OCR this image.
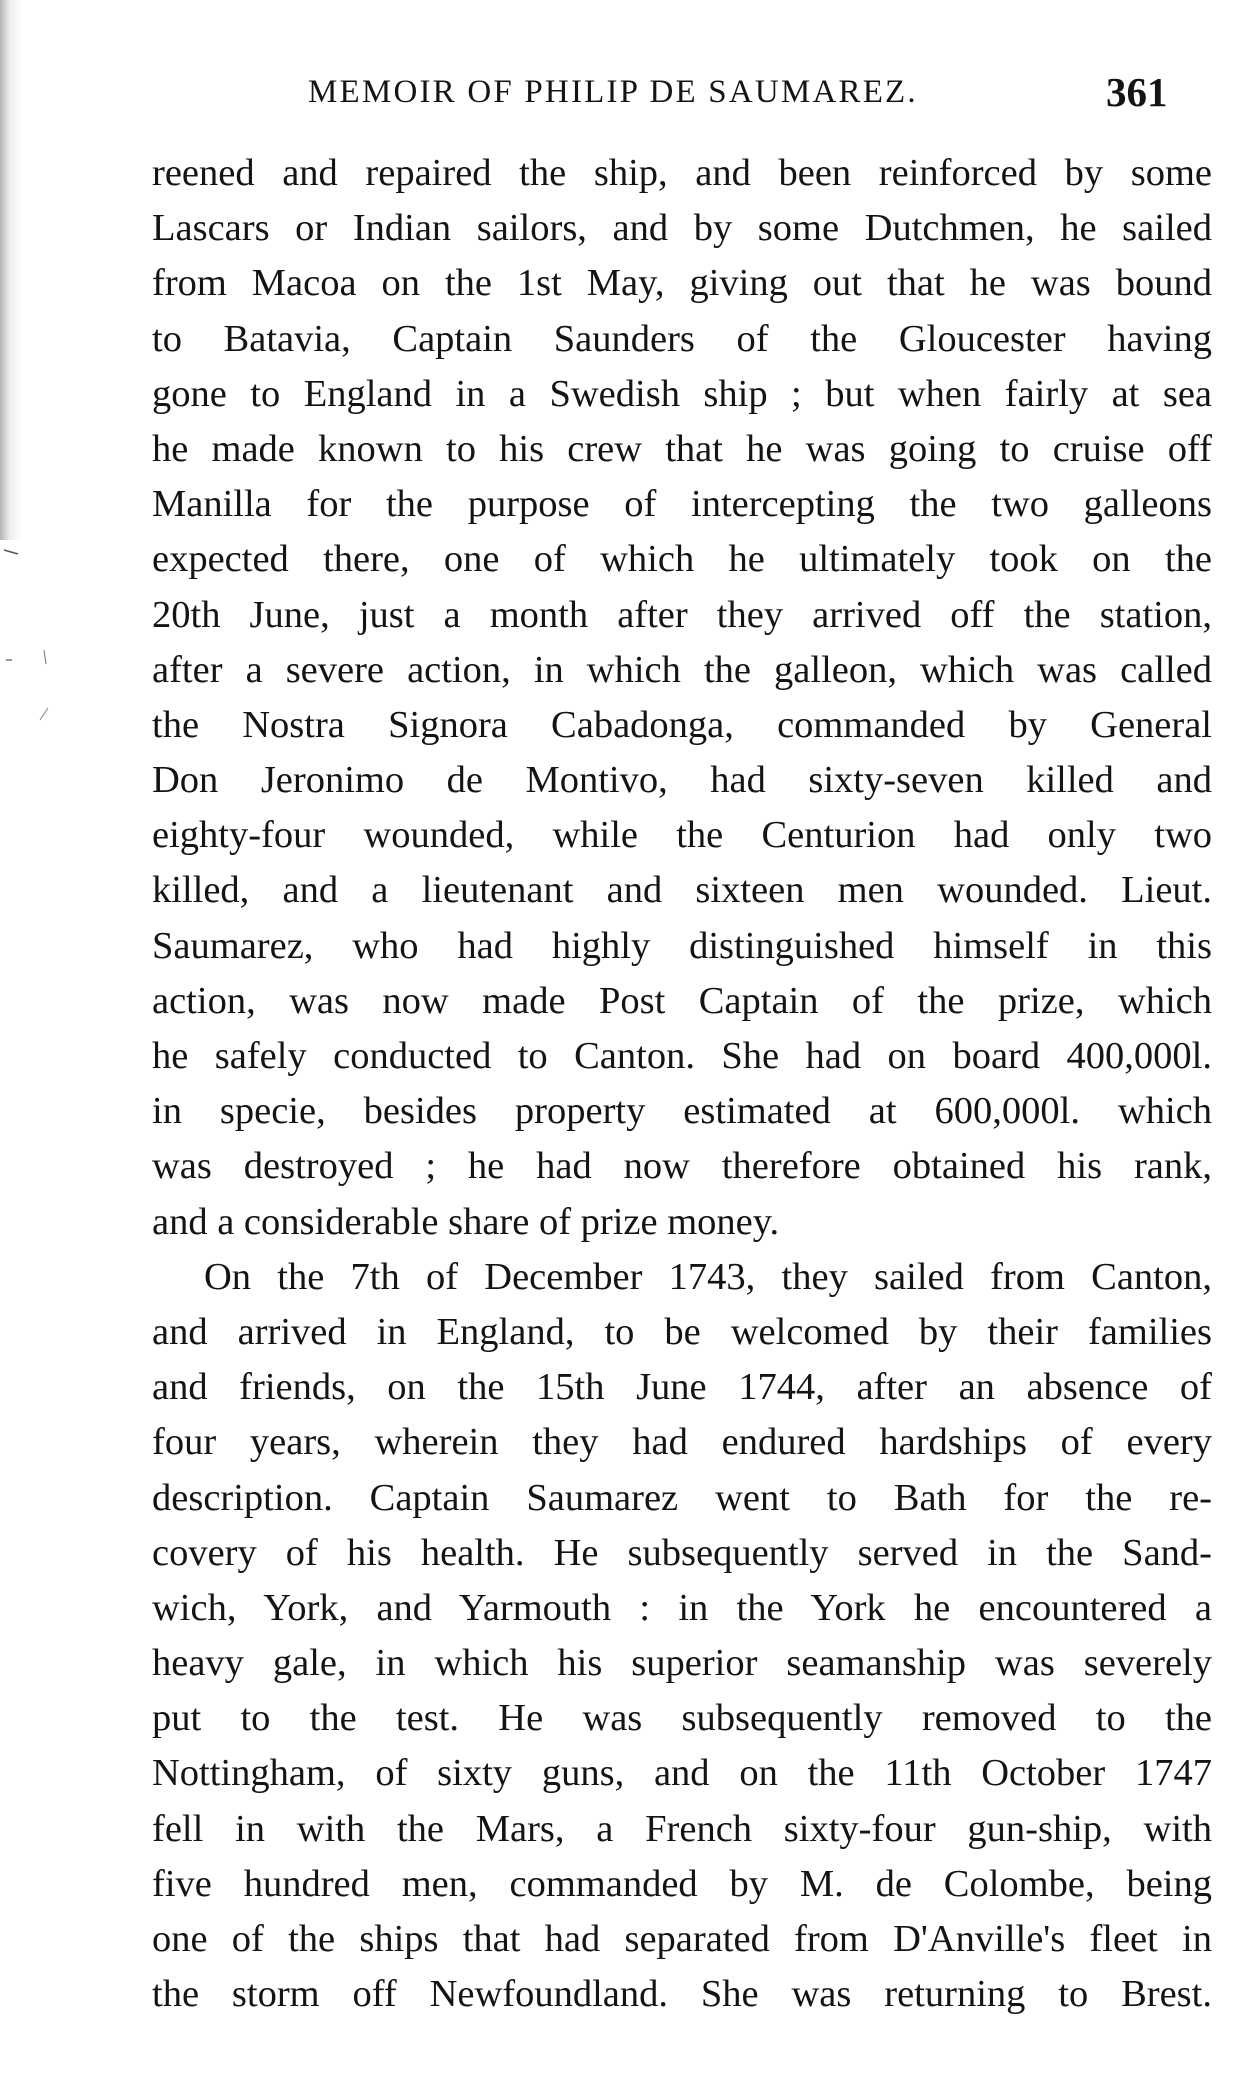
MEMOIR OF PHILIP DE SAUMAREZ.	361
reened and repaired the ship, and been reinforced by some
Lascars or Indian sailors, and by some Dutchmen, he sailed
from Macoa on the 1st May, giving out that he was bound
to Batavia, Captain Saunders of the Gloucester having
gone to England in a Swedish ship ; but when fairly at sea
he made known to his crew that he was going to cruise off
Manilla for the purpose of intercepting the two galleons
expected there, one of which he ultimately took on the
20th June, just a month after they arrived off the station,
after a severe action, in which the galleon, which was called
the Nostra Signora Cabadonga, commanded by General
Don Jeronimo de Montivo, had sixty-seven killed and
eighty-four wounded, while the Centurion had only two
killed, and a lieutenant and sixteen men wounded. Lieut.
Saumarez, who had highly distinguished himself in this
action, was now made Post Captain of the prize, which
he safely conducted to Canton. She had on board 400,000l.
in specie, besides property estimated at 600,000l. which
was destroyed ; he had now therefore obtained his rank,
and a considerable share of prize money.
On the 7th of December 1743, they sailed from Canton,
and arrived in England, to be welcomed by their families
and friends, on the 15th June 1744, after an absence of
four years, wherein they had endured hardships of every
description. Captain Saumarez went to Bath for the re-
covery of his health. He subsequently served in the Sand-
wich, York, and Yarmouth : in the York he encountered a
heavy gale, in which his superior seamanship was severely
put to the test. He was subsequently removed to the
Nottingham, of sixty guns, and on the 11th October 1747
fell in with the Mars, a French sixty-four gun-ship, with
five hundred men, commanded by M. de Colombe, being
one of the ships that had separated from D'Anville's fleet in
the storm off Newfoundland. She was returning to Brest.
